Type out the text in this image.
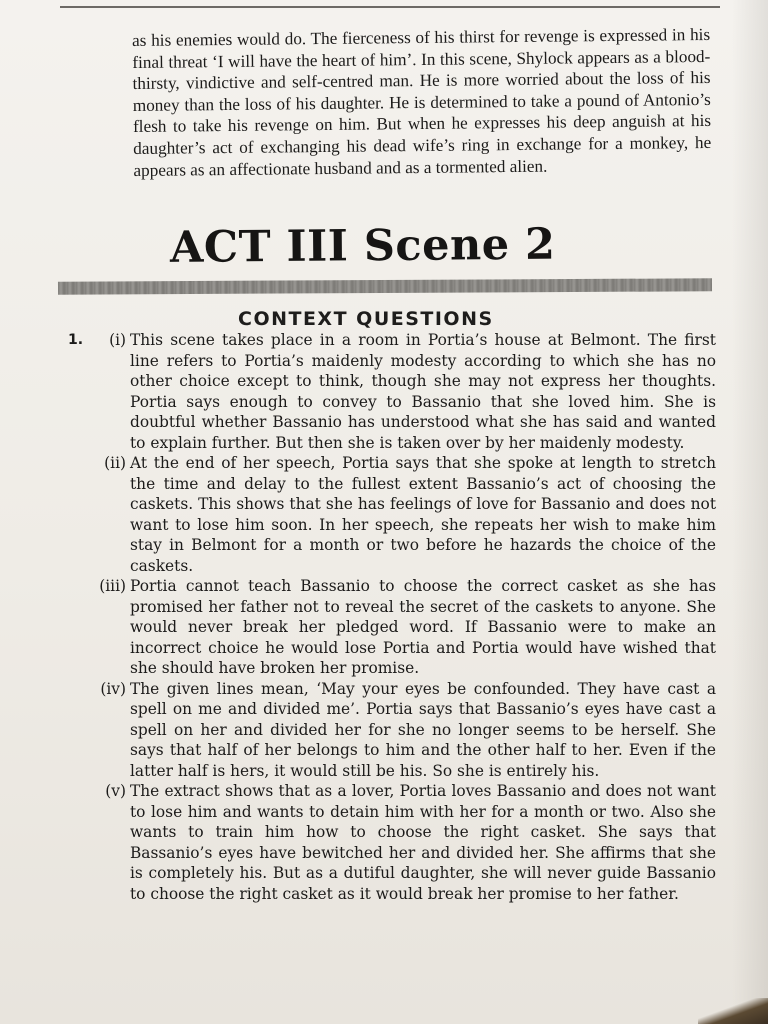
as his enemies would do. The fierceness of his thirst for revenge is expressed in his final threat ‘I will have the heart of him’. In this scene, Shylock appears as a blood-thirsty, vindictive and self-centred man. He is more worried about the loss of his money than the loss of his daughter. He is determined to take a pound of Antonio’s flesh to take his revenge on him. But when he expresses his deep anguish at his daughter’s act of exchanging his dead wife’s ring in exchange for a monkey, he appears as an affectionate husband and as a tormented alien.

ACT III Scene 2
CONTEXT QUESTIONS
1. (i) This scene takes place in a room in Portia’s house at Belmont. The first line refers to Portia’s maidenly modesty according to which she has no other choice except to think, though she may not express her thoughts. Portia says enough to convey to Bassanio that she loved him. She is doubtful whether Bassanio has understood what she has said and wanted to explain further. But then she is taken over by her maidenly modesty.
(ii) At the end of her speech, Portia says that she spoke at length to stretch the time and delay to the fullest extent Bassanio’s act of choosing the caskets. This shows that she has feelings of love for Bassanio and does not want to lose him soon. In her speech, she repeats her wish to make him stay in Belmont for a month or two before he hazards the choice of the caskets.
(iii) Portia cannot teach Bassanio to choose the correct casket as she has promised her father not to reveal the secret of the caskets to anyone. She would never break her pledged word. If Bassanio were to make an incorrect choice he would lose Portia and Portia would have wished that she should have broken her promise.
(iv) The given lines mean, ‘May your eyes be confounded. They have cast a spell on me and divided me’. Portia says that Bassanio’s eyes have cast a spell on her and divided her for she no longer seems to be herself. She says that half of her belongs to him and the other half to her. Even if the latter half is hers, it would still be his. So she is entirely his.
(v) The extract shows that as a lover, Portia loves Bassanio and does not want to lose him and wants to detain him with her for a month or two. Also she wants to train him how to choose the right casket. She says that Bassanio’s eyes have bewitched her and divided her. She affirms that she is completely his. But as a dutiful daughter, she will never guide Bassanio to choose the right casket as it would break her promise to her father.
